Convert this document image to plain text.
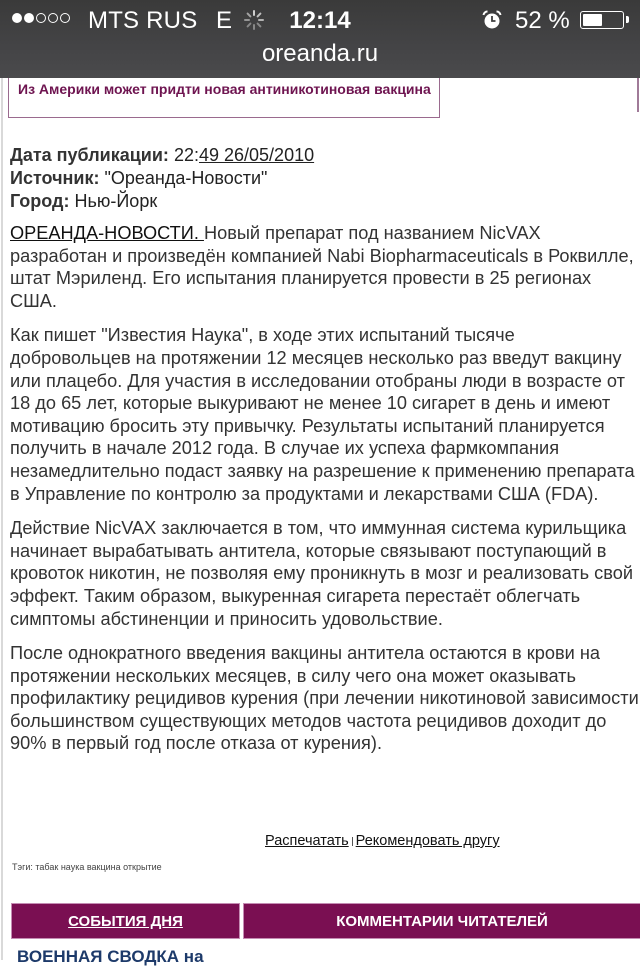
MTS RUS E	12:14	52 %
oreanda.ru
Из Америки может придти новая антиникотиновая вакцина
Дата публикации: 22:49 26/05/2010
Источник: "Ореанда-Новости"
Город: Нью-Йорк

ОРЕАНДА-НОВОСТИ. Новый препарат под названием NicVAX разработан и произведён компанией Nabi Biopharmaceuticals в Роквилле, штат Мэриленд. Его испытания планируется провести в 25 регионах США.

Как пишет "Известия Наука", в ходе этих испытаний тысяче добровольцев на протяжении 12 месяцев несколько раз введут вакцину или плацебо. Для участия в исследовании отобраны люди в возрасте от 18 до 65 лет, которые выкуривают не менее 10 сигарет в день и имеют мотивацию бросить эту привычку. Результаты испытаний планируется получить в начале 2012 года. В случае их успеха фармкомпания незамедлительно подаст заявку на разрешение к применению препарата в Управление по контролю за продуктами и лекарствами США (FDA).

Действие NicVAX заключается в том, что иммунная система курильщика начинает вырабатывать антитела, которые связывают поступающий в кровоток никотин, не позволяя ему проникнуть в мозг и реализовать свой эффект. Таким образом, выкуренная сигарета перестаёт облегчать симптомы абстиненции и приносить удовольствие.

После однократного введения вакцины антитела остаются в крови на протяжении нескольких месяцев, в силу чего она может оказывать профилактику рецидивов курения (при лечении никотиновой зависимости большинством существующих методов частота рецидивов доходит до 90% в первый год после отказа от курения).

Распечатать Рекомендовать другу
Тэги: табак наука вакцина открытие
СОБЫТИЯ ДНЯ	КОММЕНТАРИИ ЧИТАТЕЛЕЙ
ВОЕННАЯ СВОДКА на
